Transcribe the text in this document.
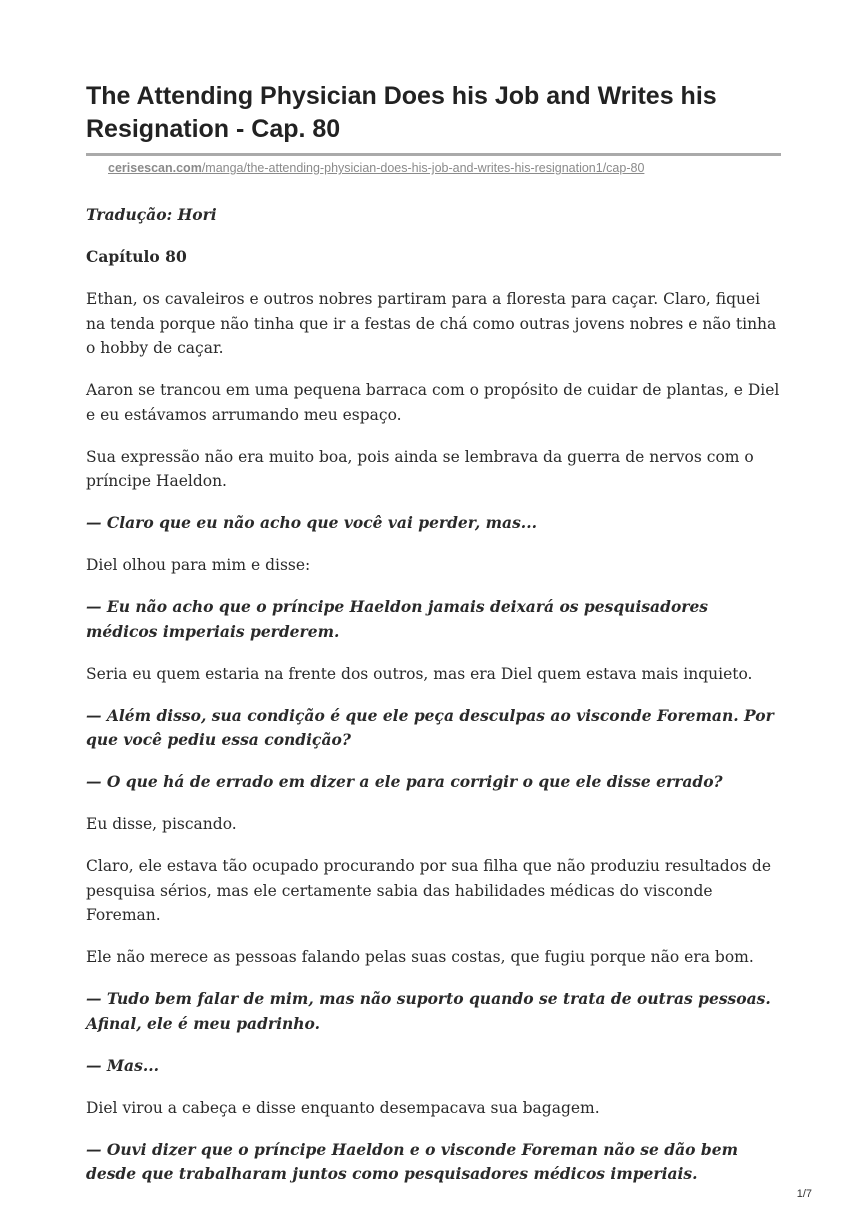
The Attending Physician Does his Job and Writes his Resignation - Cap. 80
cerisescan.com/manga/the-attending-physician-does-his-job-and-writes-his-resignation1/cap-80

Tradução: Hori

Capítulo 80

Ethan, os cavaleiros e outros nobres partiram para a floresta para caçar. Claro, fiquei na tenda porque não tinha que ir a festas de chá como outras jovens nobres e não tinha o hobby de caçar.

Aaron se trancou em uma pequena barraca com o propósito de cuidar de plantas, e Diel e eu estávamos arrumando meu espaço.

Sua expressão não era muito boa, pois ainda se lembrava da guerra de nervos com o príncipe Haeldon.

— Claro que eu não acho que você vai perder, mas...

Diel olhou para mim e disse:

— Eu não acho que o príncipe Haeldon jamais deixará os pesquisadores médicos imperiais perderem.

Seria eu quem estaria na frente dos outros, mas era Diel quem estava mais inquieto.

— Além disso, sua condição é que ele peça desculpas ao visconde Foreman. Por que você pediu essa condição?

— O que há de errado em dizer a ele para corrigir o que ele disse errado?

Eu disse, piscando.

Claro, ele estava tão ocupado procurando por sua filha que não produziu resultados de pesquisa sérios, mas ele certamente sabia das habilidades médicas do visconde Foreman.

Ele não merece as pessoas falando pelas suas costas, que fugiu porque não era bom.

— Tudo bem falar de mim, mas não suporto quando se trata de outras pessoas. Afinal, ele é meu padrinho.

— Mas...

Diel virou a cabeça e disse enquanto desempacava sua bagagem.

— Ouvi dizer que o príncipe Haeldon e o visconde Foreman não se dão bem desde que trabalharam juntos como pesquisadores médicos imperiais.

1/7
